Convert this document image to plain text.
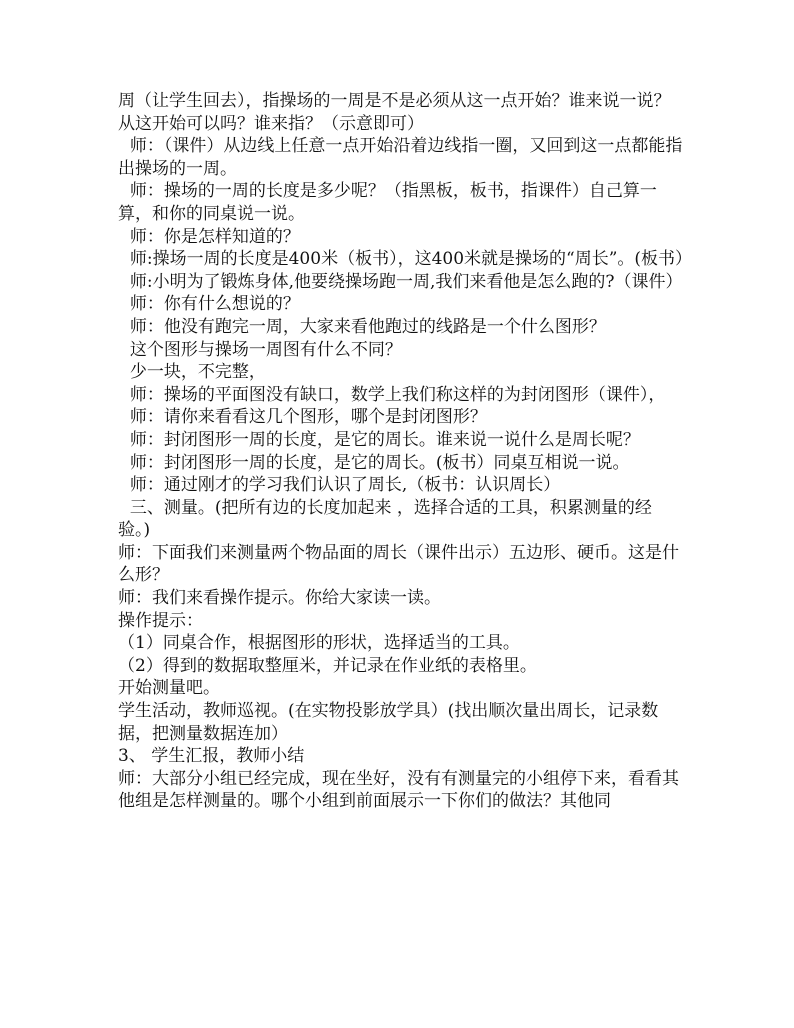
周（让学生回去），指操场的一周是不是必须从这一点开始？谁来说一说？从这开始可以吗？谁来指？（示意即可）

师：（课件）从边线上任意一点开始沿着边线指一圈，又回到这一点都能指出操场的一周。

师：操场的一周的长度是多少呢？（指黑板，板书，指课件）自己算一算，和你的同桌说一说。

师：你是怎样知道的？

师:操场一周的长度是400米（板书），这400米就是操场的“周长”。(板书）

师:小明为了锻炼身体,他要绕操场跑一周,我们来看他是怎么跑的?（课件）

师：你有什么想说的？

师：他没有跑完一周，大家来看他跑过的线路是一个什么图形？

这个图形与操场一周图有什么不同？

少一块，不完整，

师：操场的平面图没有缺口，数学上我们称这样的为封闭图形（课件），

师：请你来看看这几个图形，哪个是封闭图形？

师：封闭图形一周的长度，是它的周长。谁来说一说什么是周长呢？

师：封闭图形一周的长度，是它的周长。(板书）同桌互相说一说。

师：通过刚才的学习我们认识了周长,（板书：认识周长）

三、测量。(把所有边的长度加起来 ，选择合适的工具，积累测量的经验。)

师：下面我们来测量两个物品面的周长（课件出示）五边形、硬币。这是什么形？

师：我们来看操作提示。你给大家读一读。

操作提示：

（1）同桌合作，根据图形的形状，选择适当的工具。

（2）得到的数据取整厘米，并记录在作业纸的表格里。

开始测量吧。

学生活动，教师巡视。(在实物投影放学具）(找出顺次量出周长，记录数据，把测量数据连加）

3、 学生汇报，教师小结

师：大部分小组已经完成，现在坐好，没有有测量完的小组停下来，看看其他组是怎样测量的。哪个小组到前面展示一下你们的做法？其他同
